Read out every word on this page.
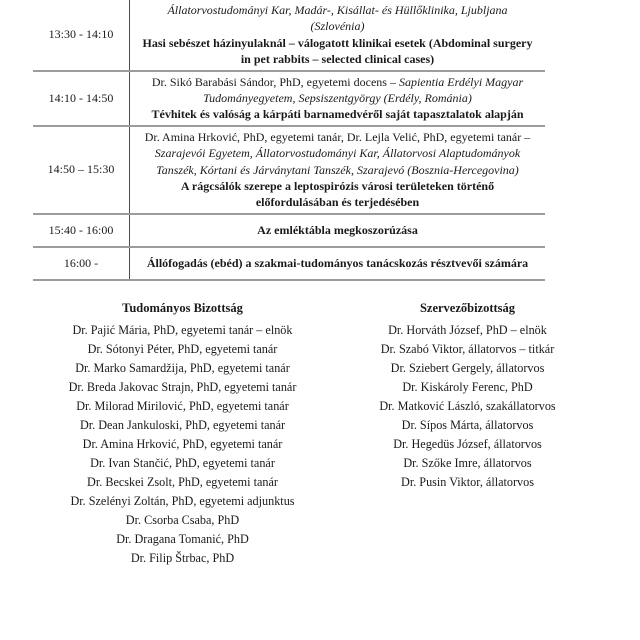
13:30 - 14:10
Állatorvostudományi Kar, Madár-, Kisállat- és Hüllőklinika, Ljubljana (Szlovénia)
Hasi sebészet házinyulaknál – válogatott klinikai esetek (Abdominal surgery in pet rabbits – selected clinical cases)
14:10 - 14:50
Dr. Sikó Barabási Sándor, PhD, egyetemi docens – Sapientia Erdélyi Magyar Tudományegyetem, Sepsiszentgyörgy (Erdély, Románia)
Tévhitek és valóság a kárpáti barnamedvéről saját tapasztalatok alapján
14:50 – 15:30
Dr. Amina Hrković, PhD, egyetemi tanár, Dr. Lejla Velić, PhD, egyetemi tanár – Szarajevói Egyetem, Állatorvostudományi Kar, Állatorvosi Alaptudományok Tanszék, Kórtani és Járványtani Tanszék, Szarajevó (Bosznia-Hercegovina)
A rágcsálók szerepe a leptospirózis városi területeken történő előfordulásában és terjedésében
15:40 - 16:00	Az emléktábla megkoszorúzása
16:00 -	Állófogadás (ebéd) a szakmai-tudományos tanácskozás résztvevői számára
Tudományos Bizottság
Dr. Pajić Mária, PhD, egyetemi tanár – elnök
Dr. Sótonyi Péter, PhD, egyetemi tanár
Dr. Marko Samardžija, PhD, egyetemi tanár
Dr. Breda Jakovac Strajn, PhD, egyetemi tanár
Dr. Milorad Mirilović, PhD, egyetemi tanár
Dr. Dean Jankuloski, PhD, egyetemi tanár
Dr. Amina Hrković, PhD, egyetemi tanár
Dr. Ivan Stančić, PhD, egyetemi tanár
Dr. Becskei Zsolt, PhD, egyetemi tanár
Dr. Szelényi Zoltán, PhD, egyetemi adjunktus
Dr. Csorba Csaba, PhD
Dr. Dragana Tomanić, PhD
Dr. Filip Štrbac, PhD
Szervezőbizottság
Dr. Horváth József, PhD – elnök
Dr. Szabó Viktor, állatorvos – titkár
Dr. Sziebert Gergely, állatorvos
Dr. Kiskároly Ferenc, PhD
Dr. Matković László, szakállatorvos
Dr. Sípos Márta, állatorvos
Dr. Hegedüs József, állatorvos
Dr. Szőke Imre, állatorvos
Dr. Pusin Viktor, állatorvos
